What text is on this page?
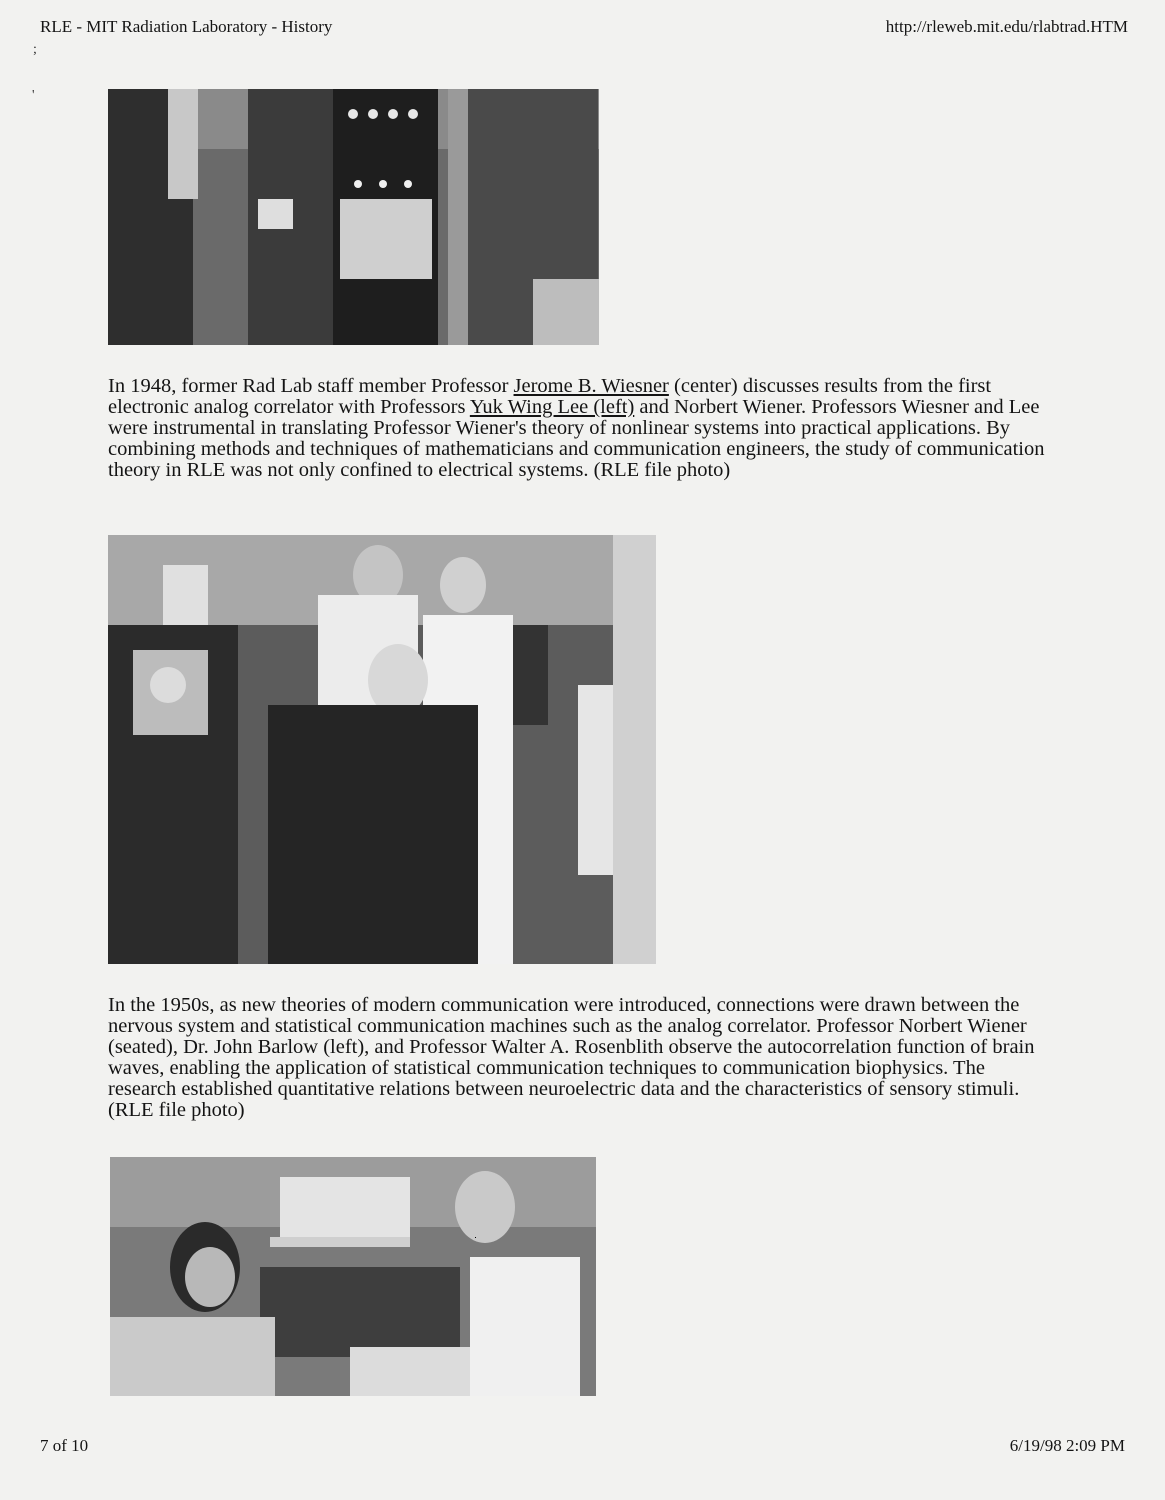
RLE - MIT Radiation Laboratory - History	http://rleweb.mit.edu/rlabtrad.HTM
;
'

In 1948, former Rad Lab staff member Professor Jerome B. Wiesner (center) discusses results from the first electronic analog correlator with Professors Yuk Wing Lee (left) and Norbert Wiener. Professors Wiesner and Lee were instrumental in translating Professor Wiener's theory of nonlinear systems into practical applications. By combining methods and techniques of mathematicians and communication engineers, the study of communication theory in RLE was not only confined to electrical systems. (RLE file photo)

In the 1950s, as new theories of modern communication were introduced, connections were drawn between the nervous system and statistical communication machines such as the analog correlator. Professor Norbert Wiener (seated), Dr. John Barlow (left), and Professor Walter A. Rosenblith observe the autocorrelation function of brain waves, enabling the application of statistical communication techniques to communication biophysics. The research established quantitative relations between neuroelectric data and the characteristics of sensory stimuli. (RLE file photo)

7 of 10	6/19/98 2:09 PM
